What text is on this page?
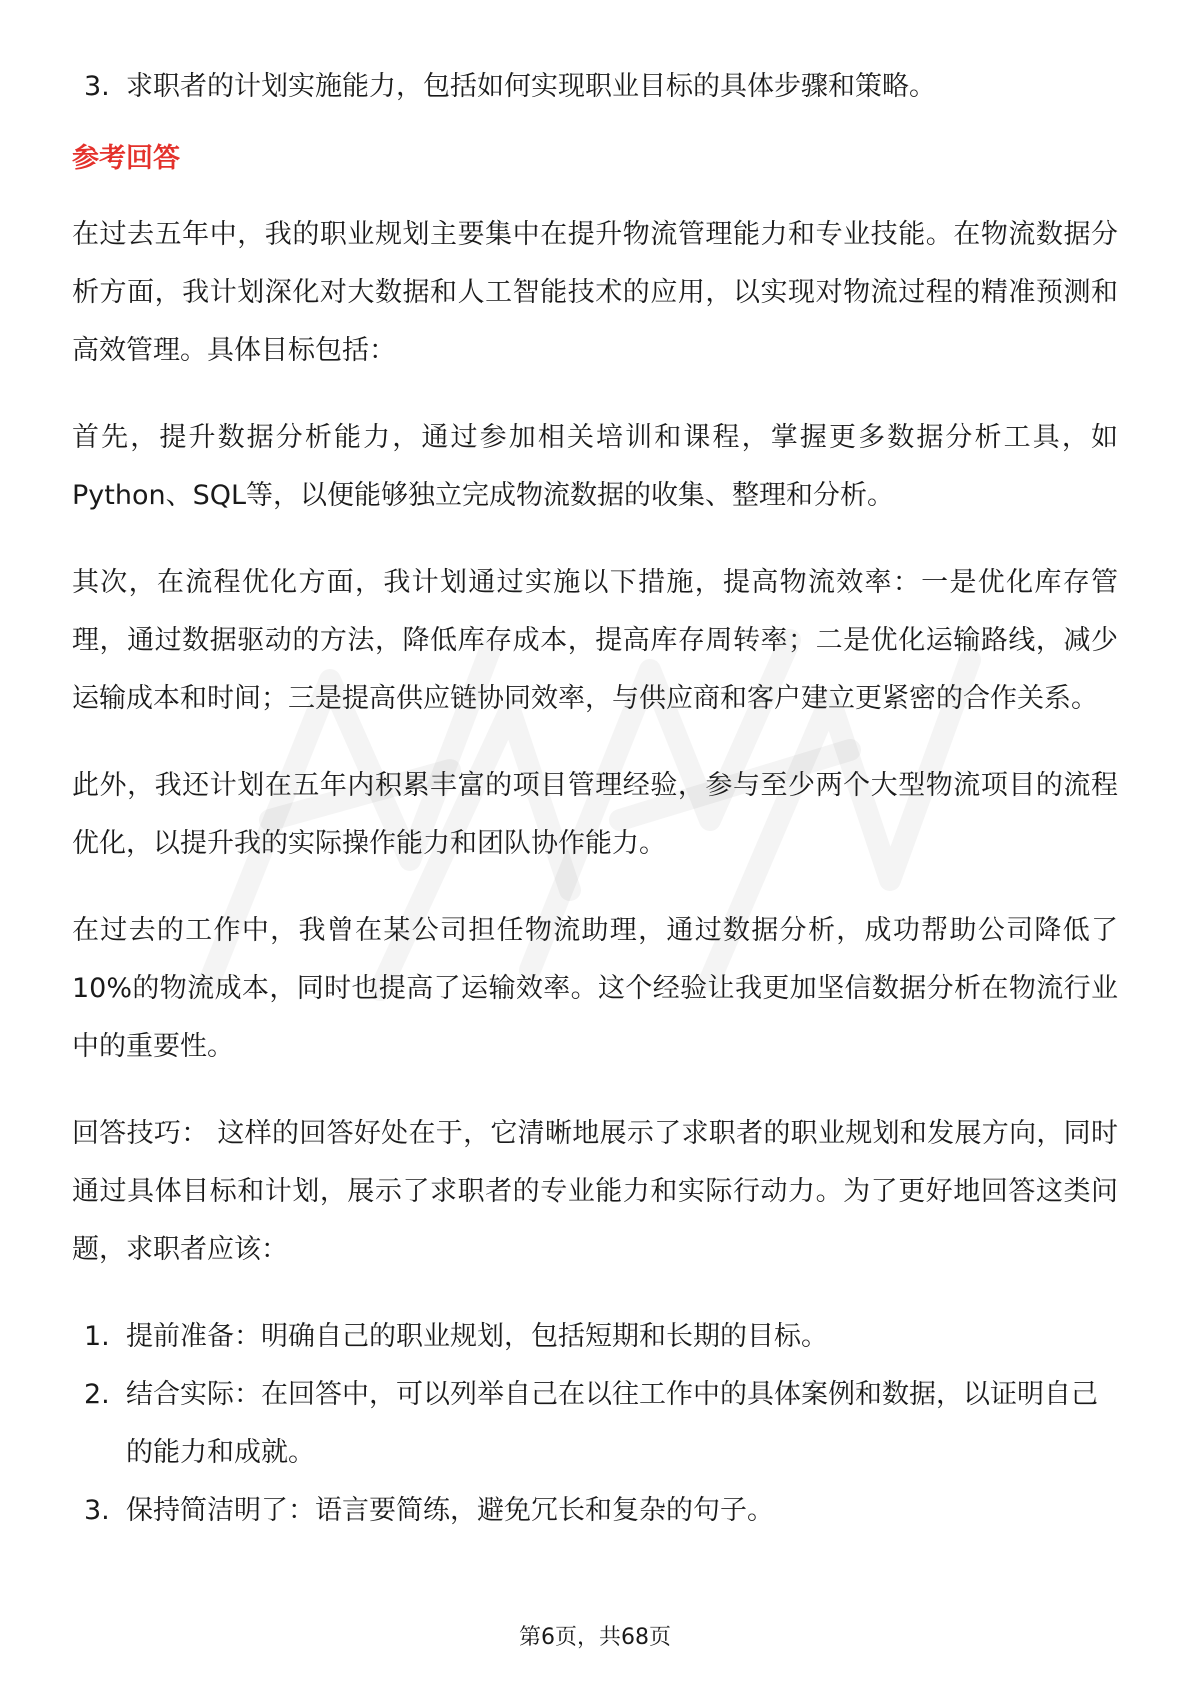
3. 求职者的计划实施能力，包括如何实现职业目标的具体步骤和策略。
参考回答

在过去五年中，我的职业规划主要集中在提升物流管理能力和专业技能。在物流数据分析方面，我计划深化对大数据和人工智能技术的应用，以实现对物流过程的精准预测和高效管理。具体目标包括：

首先，提升数据分析能力，通过参加相关培训和课程，掌握更多数据分析工具，如Python、SQL等，以便能够独立完成物流数据的收集、整理和分析。

其次，在流程优化方面，我计划通过实施以下措施，提高物流效率：一是优化库存管理，通过数据驱动的方法，降低库存成本，提高库存周转率；二是优化运输路线，减少运输成本和时间；三是提高供应链协同效率，与供应商和客户建立更紧密的合作关系。

此外，我还计划在五年内积累丰富的项目管理经验，参与至少两个大型物流项目的流程优化，以提升我的实际操作能力和团队协作能力。

在过去的工作中，我曾在某公司担任物流助理，通过数据分析，成功帮助公司降低了10%的物流成本，同时也提高了运输效率。这个经验让我更加坚信数据分析在物流行业中的重要性。

回答技巧： 这样的回答好处在于，它清晰地展示了求职者的职业规划和发展方向，同时通过具体目标和计划，展示了求职者的专业能力和实际行动力。为了更好地回答这类问题，求职者应该：

1. 提前准备：明确自己的职业规划，包括短期和长期的目标。
2. 结合实际：在回答中，可以列举自己在以往工作中的具体案例和数据，以证明自己的能力和成就。
3. 保持简洁明了：语言要简练，避免冗长和复杂的句子。
第6页，共68页
